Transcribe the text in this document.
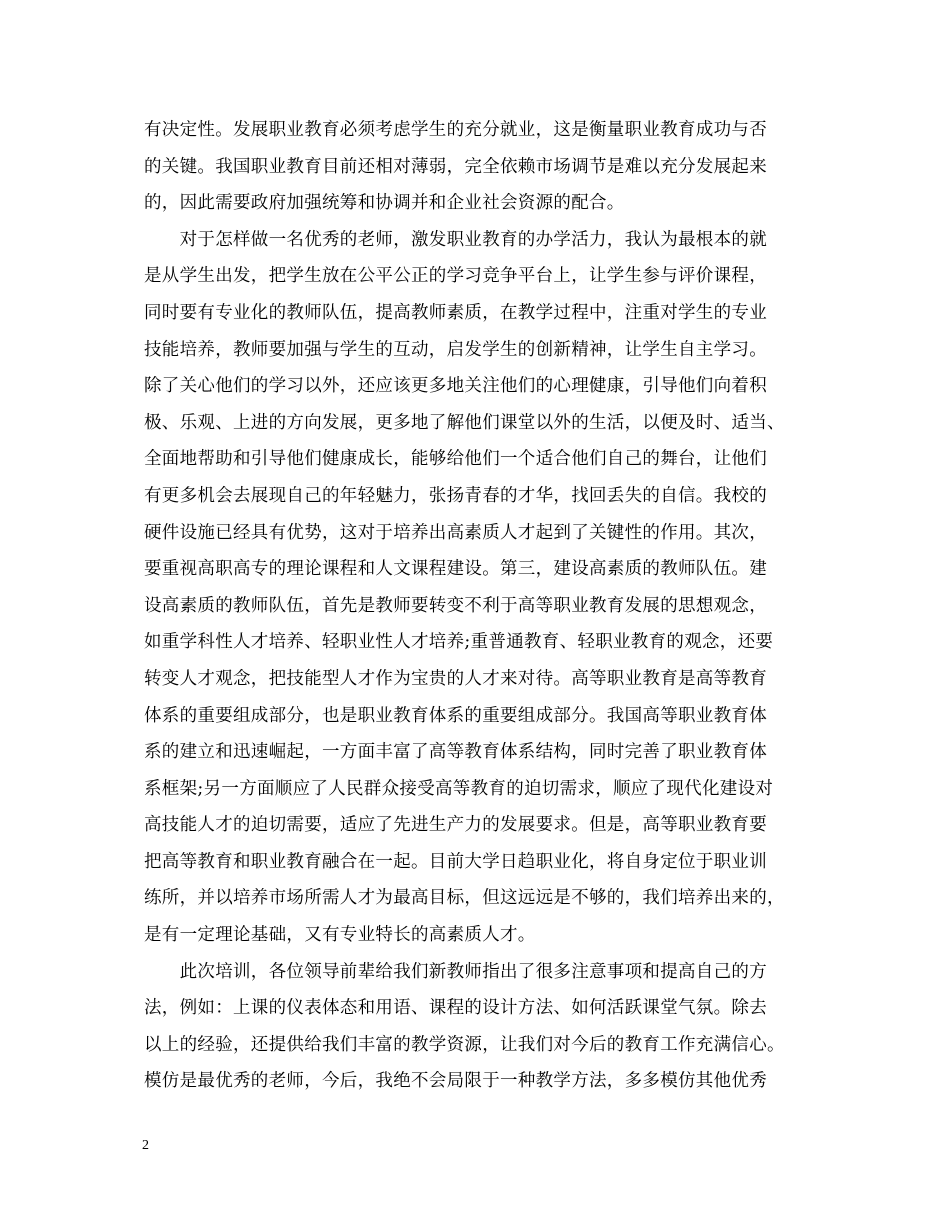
有决定性。发展职业教育必须考虑学生的充分就业，这是衡量职业教育成功与否
的关键。我国职业教育目前还相对薄弱，完全依赖市场调节是难以充分发展起来
的，因此需要政府加强统筹和协调并和企业社会资源的配合。
　　对于怎样做一名优秀的老师，激发职业教育的办学活力，我认为最根本的就
是从学生出发，把学生放在公平公正的学习竞争平台上，让学生参与评价课程，
同时要有专业化的教师队伍，提高教师素质，在教学过程中，注重对学生的专业
技能培养，教师要加强与学生的互动，启发学生的创新精神，让学生自主学习。
除了关心他们的学习以外，还应该更多地关注他们的心理健康，引导他们向着积
极、乐观、上进的方向发展，更多地了解他们课堂以外的生活，以便及时、适当、
全面地帮助和引导他们健康成长，能够给他们一个适合他们自己的舞台，让他们
有更多机会去展现自己的年轻魅力，张扬青春的才华，找回丢失的自信。我校的
硬件设施已经具有优势，这对于培养出高素质人才起到了关键性的作用。其次，
要重视高职高专的理论课程和人文课程建设。第三，建设高素质的教师队伍。建
设高素质的教师队伍，首先是教师要转变不利于高等职业教育发展的思想观念，
如重学科性人才培养、轻职业性人才培养;重普通教育、轻职业教育的观念，还要
转变人才观念，把技能型人才作为宝贵的人才来对待。高等职业教育是高等教育
体系的重要组成部分，也是职业教育体系的重要组成部分。我国高等职业教育体
系的建立和迅速崛起，一方面丰富了高等教育体系结构，同时完善了职业教育体
系框架;另一方面顺应了人民群众接受高等教育的迫切需求，顺应了现代化建设对
高技能人才的迫切需要，适应了先进生产力的发展要求。但是，高等职业教育要
把高等教育和职业教育融合在一起。目前大学日趋职业化，将自身定位于职业训
练所，并以培养市场所需人才为最高目标，但这远远是不够的，我们培养出来的，
是有一定理论基础，又有专业特长的高素质人才。
　　此次培训，各位领导前辈给我们新教师指出了很多注意事项和提高自己的方
法，例如：上课的仪表体态和用语、课程的设计方法、如何活跃课堂气氛。除去
以上的经验，还提供给我们丰富的教学资源，让我们对今后的教育工作充满信心。
模仿是最优秀的老师，今后，我绝不会局限于一种教学方法，多多模仿其他优秀
2
